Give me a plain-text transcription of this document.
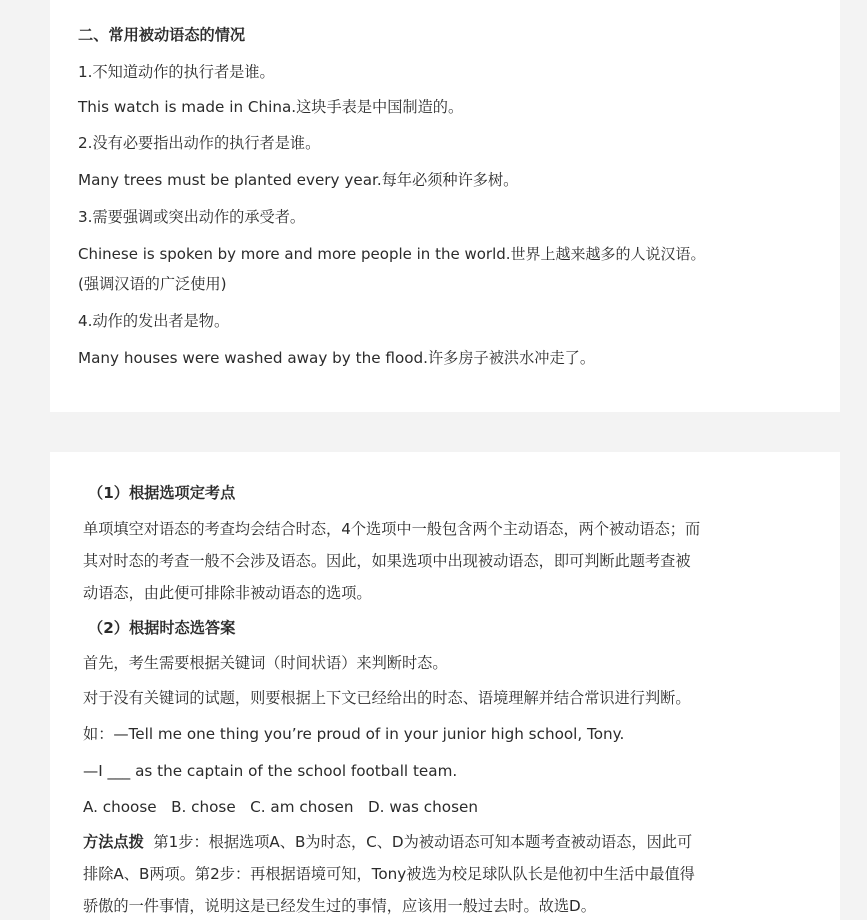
二、常用被动语态的情况
1.不知道动作的执行者是谁。
This watch is made in China.这块手表是中国制造的。
2.没有必要指出动作的执行者是谁。
Many trees must be planted every year.每年必须种许多树。
3.需要强调或突出动作的承受者。
Chinese is spoken by more and more people in the world.世界上越来越多的人说汉语。
(强调汉语的广泛使用)
4.动作的发出者是物。
Many houses were washed away by the flood.许多房子被洪水冲走了。
（1）根据选项定考点
单项填空对语态的考查均会结合时态，4个选项中一般包含两个主动语态，两个被动语态；而
其对时态的考查一般不会涉及语态。因此，如果选项中出现被动语态，即可判断此题考查被
动语态，由此便可排除非被动语态的选项。
（2）根据时态选答案
首先，考生需要根据关键词（时间状语）来判断时态。
对于没有关键词的试题，则要根据上下文已经给出的时态、语境理解并结合常识进行判断。
如：—Tell me one thing you’re proud of in your junior high school, Tony.
—I ___ as the captain of the school football team.
A. choose   B. chose   C. am chosen   D. was chosen
方法点拨  第1步：根据选项A、B为时态，C、D为被动语态可知本题考查被动语态，因此可
排除A、B两项。第2步：再根据语境可知，Tony被选为校足球队队长是他初中生活中最值得
骄傲的一件事情，说明这是已经发生过的事情，应该用一般过去时。故选D。
